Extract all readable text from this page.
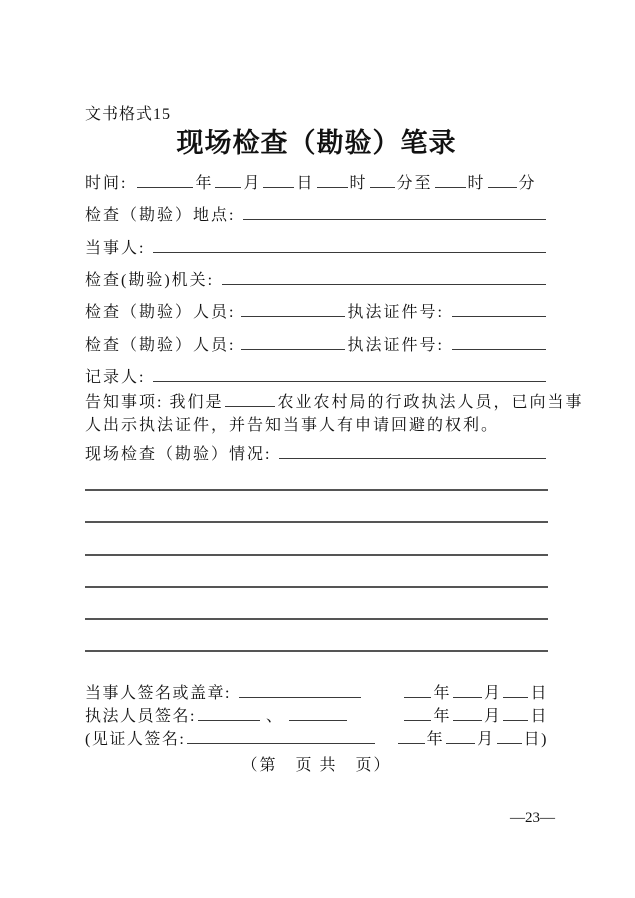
文书格式15
现场检查（勘验）笔录
时间:	年 月 日 时 分至 时 分
检查（勘验）地点:
当事人:
检查(勘验)机关:
检查（勘验）人员:	执法证件号:
检查（勘验）人员:	执法证件号:
记录人:
告知事项: 我们是	农业农村局的行政执法人员，已向当事
人出示执法证件，并告知当事人有申请回避的权利。
现场检查（勘验）情况:
当事人签名或盖章:	年 月 日
执法人员签名:	、	年 月 日
(见证人签名:	年 月 日)
（第　页 共　页）
—23—
